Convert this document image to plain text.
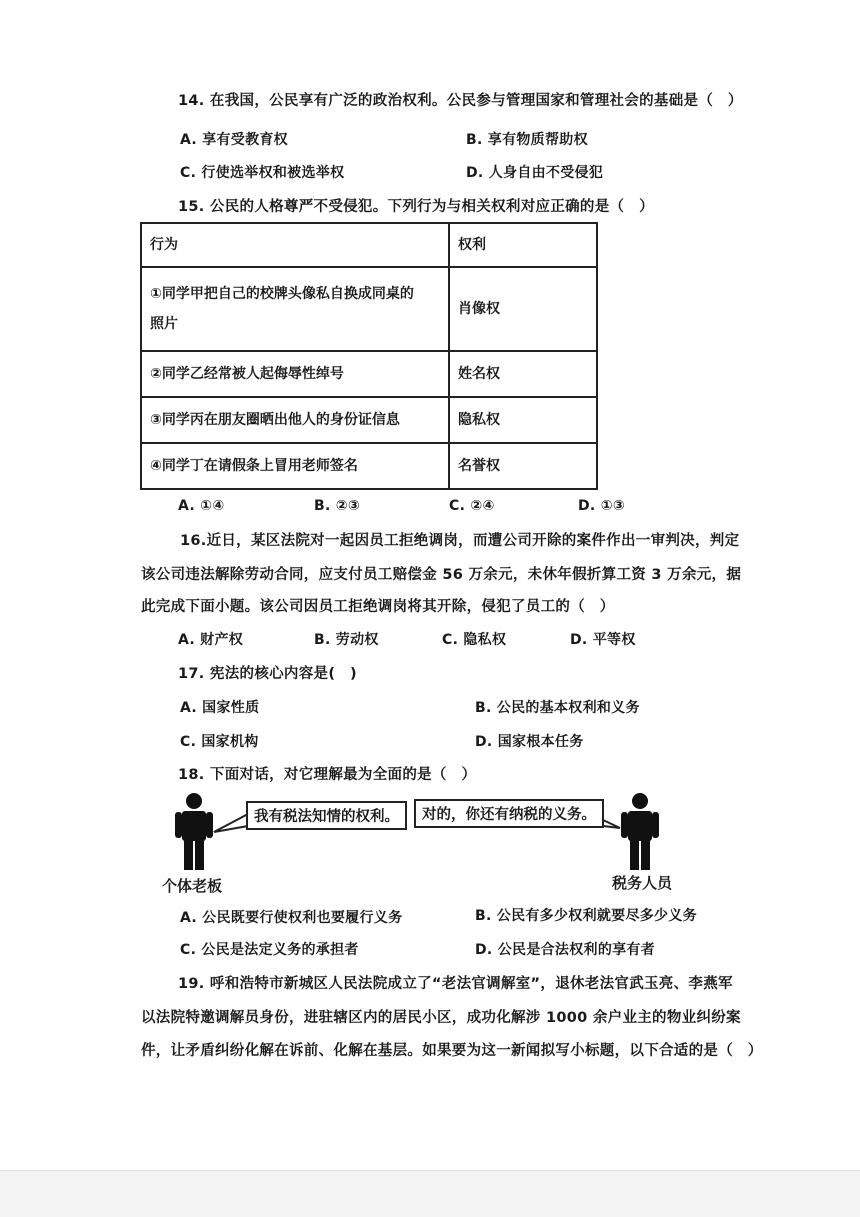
14. 在我国，公民享有广泛的政治权利。公民参与管理国家和管理社会的基础是（　）
A. 享有受教育权	B. 享有物质帮助权
C. 行使选举权和被选举权	D. 人身自由不受侵犯
15. 公民的人格尊严不受侵犯。下列行为与相关权利对应正确的是（　）
行为	权利

①同学甲把自己的校牌头像私自换成同桌的
照片	肖像权
②同学乙经常被人起侮辱性绰号	姓名权
③同学丙在朋友圈晒出他人的身份证信息	隐私权
④同学丁在请假条上冒用老师签名	名誉权
A. ①④	B. ②③	C. ②④	D. ①③
16.近日，某区法院对一起因员工拒绝调岗，而遭公司开除的案件作出一审判决，判定
该公司违法解除劳动合同，应支付员工赔偿金 56 万余元，未休年假折算工资 3 万余元，据
此完成下面小题。该公司因员工拒绝调岗将其开除，侵犯了员工的（　）
A. 财产权	B. 劳动权	C. 隐私权	D. 平等权
17. 宪法的核心内容是(　)
A. 国家性质	B. 公民的基本权利和义务
C. 国家机构	D. 国家根本任务
18. 下面对话，对它理解最为全面的是（　）
个体老板	税务人员
我有税法知情的权利。	对的，你还有纳税的义务。
A. 公民既要行使权利也要履行义务	B. 公民有多少权利就要尽多少义务
C. 公民是法定义务的承担者	D. 公民是合法权利的享有者
19. 呼和浩特市新城区人民法院成立了“老法官调解室”，退休老法官武玉亮、李燕军
以法院特邀调解员身份，进驻辖区内的居民小区，成功化解涉 1000 余户业主的物业纠纷案
件，让矛盾纠纷化解在诉前、化解在基层。如果要为这一新闻拟写小标题，以下合适的是（　）
